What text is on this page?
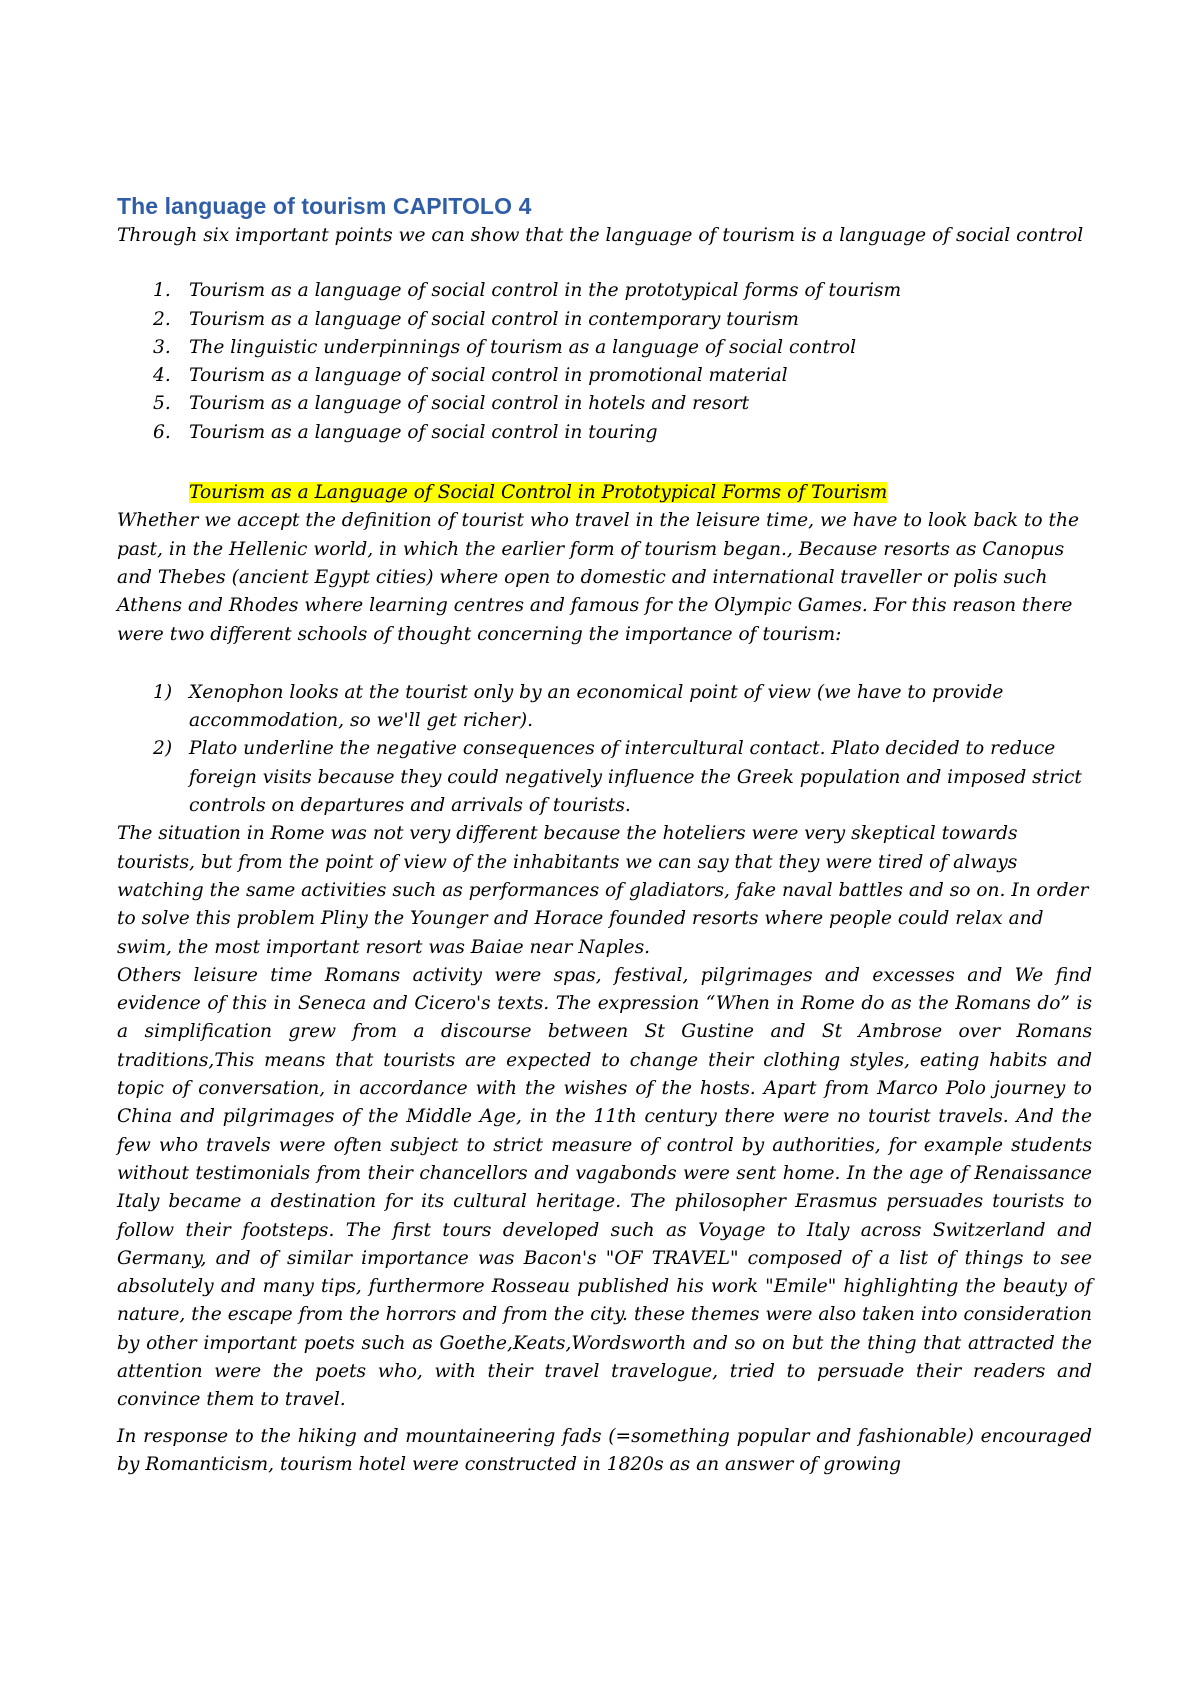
The language of tourism CAPITOLO 4

Through six important points we can show that the language of tourism is a language of social control

1. Tourism as a language of social control in the prototypical forms of tourism
2. Tourism as a language of social control in contemporary tourism
3. The linguistic underpinnings of tourism as a language of social control
4. Tourism as a language of social control in promotional material
5. Tourism as a language of social control in hotels and resort
6. Tourism as a language of social control in touring

Tourism as a Language of Social Control in Prototypical Forms of Tourism

Whether we accept the definition of tourist who travel in the leisure time, we have to look back to the past, in the Hellenic world, in which the earlier form of tourism began., Because resorts as Canopus and Thebes (ancient Egypt cities) where open to domestic and international traveller or polis such Athens and Rhodes where learning centres and famous for the Olympic Games. For this reason there were two different schools of thought concerning the importance of tourism:

1) Xenophon looks at the tourist only by an economical point of view (we have to provide accommodation, so we'll get richer).
2) Plato underline the negative consequences of intercultural contact. Plato decided to reduce foreign visits because they could negatively influence the Greek population and imposed strict controls on departures and arrivals of tourists.

The situation in Rome was not very different because the hoteliers were very skeptical towards tourists, but from the point of view of the inhabitants we can say that they were tired of always watching the same activities such as performances of gladiators, fake naval battles and so on. In order to solve this problem Pliny the Younger and Horace founded resorts where people could relax and swim, the most important resort was Baiae near Naples.

Others leisure time Romans activity were spas, festival, pilgrimages and excesses and We find evidence of this in Seneca and Cicero's texts. The expression “When in Rome do as the Romans do” is a simplification grew from a discourse between St Gustine and St Ambrose over Romans traditions,This means that tourists are expected to change their clothing styles, eating habits and topic of conversation, in accordance with the wishes of the hosts. Apart from Marco Polo journey to China and pilgrimages of the Middle Age, in the 11th century there were no tourist travels. And the few who travels were often subject to strict measure of control by authorities, for example students without testimonials from their chancellors and vagabonds were sent home. In the age of Renaissance Italy became a destination for its cultural heritage. The philosopher Erasmus persuades tourists to follow their footsteps. The first tours developed such as Voyage to Italy across Switzerland and Germany, and of similar importance was Bacon's "OF TRAVEL" composed of a list of things to see absolutely and many tips, furthermore Rosseau published his work "Emile" highlighting the beauty of nature, the escape from the horrors and from the city. these themes were also taken into consideration by other important poets such as Goethe,Keats,Wordsworth and so on but the thing that attracted the attention were the poets who, with their travel travelogue, tried to persuade their readers and convince them to travel.

In response to the hiking and mountaineering fads (=something popular and fashionable) encouraged by Romanticism, tourism hotel were constructed in 1820s as an answer of growing
